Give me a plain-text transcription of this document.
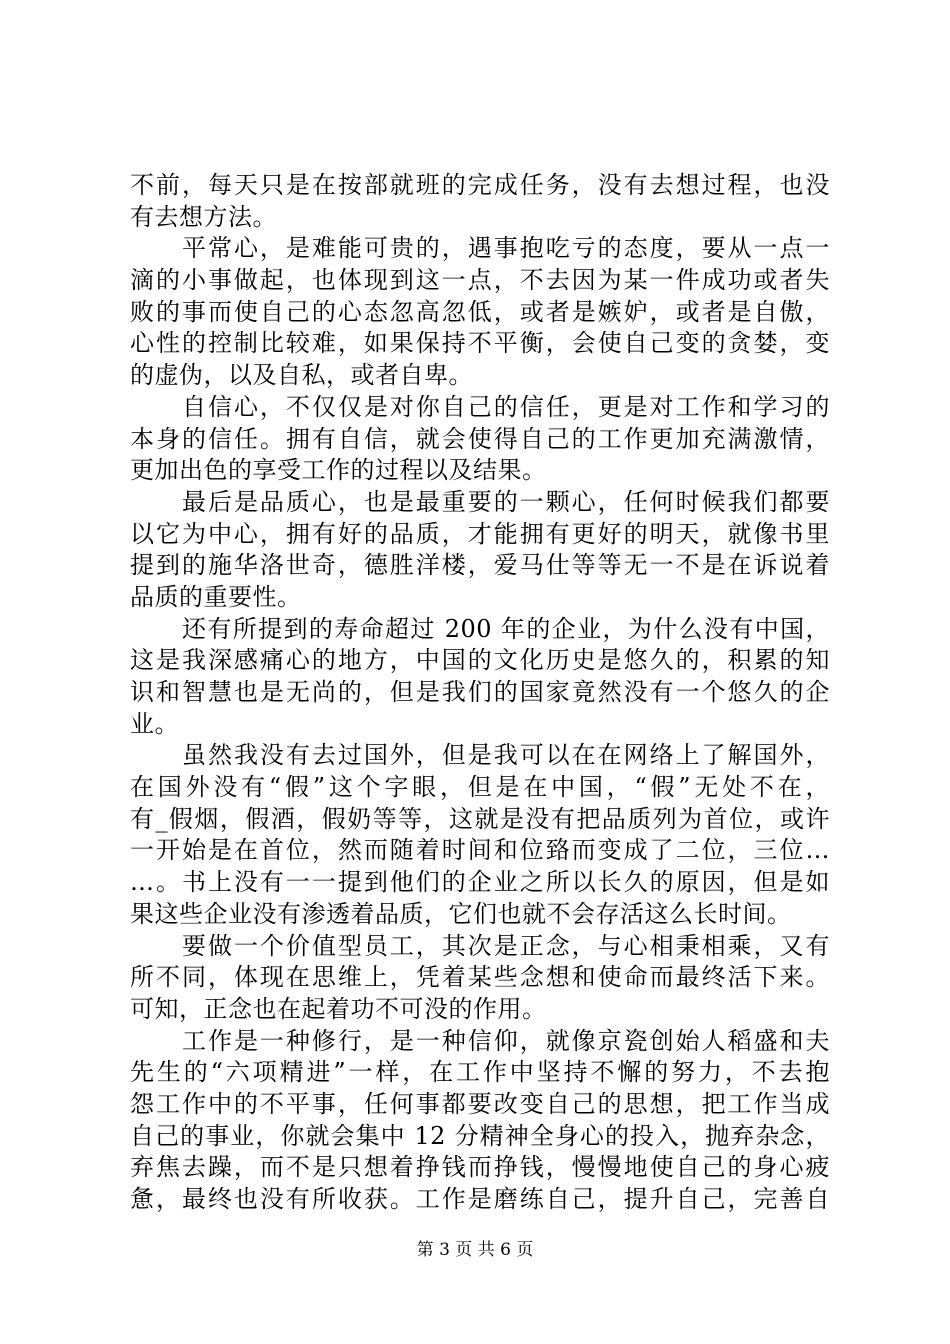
不前，每天只是在按部就班的完成任务，没有去想过程，也没
有去想方法。
平常心，是难能可贵的，遇事抱吃亏的态度，要从一点一
滴的小事做起，也体现到这一点，不去因为某一件成功或者失
败的事而使自己的心态忽高忽低，或者是嫉妒，或者是自傲，
心性的控制比较难，如果保持不平衡，会使自己变的贪婪，变
的虚伪，以及自私，或者自卑。
自信心，不仅仅是对你自己的信任，更是对工作和学习的
本身的信任。拥有自信，就会使得自己的工作更加充满激情，
更加出色的享受工作的过程以及结果。
最后是品质心，也是最重要的一颗心，任何时候我们都要
以它为中心，拥有好的品质，才能拥有更好的明天，就像书里
提到的施华洛世奇，德胜洋楼，爱马仕等等无一不是在诉说着
品质的重要性。
还有所提到的寿命超过 200 年的企业，为什么没有中国，
这是我深感痛心的地方，中国的文化历史是悠久的，积累的知
识和智慧也是无尚的，但是我们的国家竟然没有一个悠久的企
业。
虽然我没有去过国外，但是我可以在在网络上了解国外，
在国外没有“假”这个字眼，但是在中国，“假”无处不在，
有_假烟，假酒，假奶等等，这就是没有把品质列为首位，或许
一开始是在首位，然而随着时间和位臵而变成了二位，三位…
…。书上没有一一提到他们的企业之所以长久的原因，但是如
果这些企业没有渗透着品质，它们也就不会存活这么长时间。
要做一个价值型员工，其次是正念，与心相秉相乘，又有
所不同，体现在思维上，凭着某些念想和使命而最终活下来。
可知，正念也在起着功不可没的作用。
工作是一种修行，是一种信仰，就像京瓷创始人稻盛和夫
先生的“六项精进”一样，在工作中坚持不懈的努力，不去抱
怨工作中的不平事，任何事都要改变自己的思想，把工作当成
自己的事业，你就会集中 12 分精神全身心的投入，抛弃杂念，
弃焦去躁，而不是只想着挣钱而挣钱，慢慢地使自己的身心疲
惫，最终也没有所收获。工作是磨练自己，提升自己，完善自
第 3 页 共 6 页
